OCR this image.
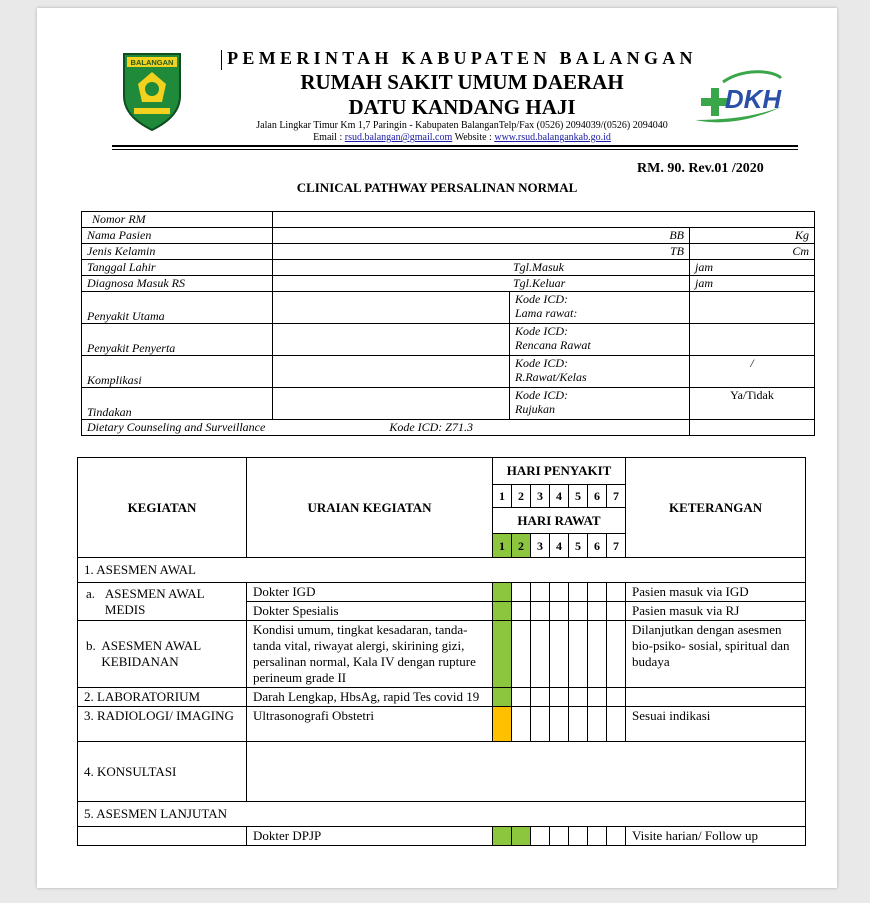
BALANGAN	PEMERINTAH KABUPATEN BALANGAN
RUMAH SAKIT UMUM DAERAH
DATU KANDANG HAJI
Jalan Lingkar Timur Km 1,7 Paringin - Kabupaten BalanganTelp/Fax (0526) 2094039/(0526) 2094040
Email : rsud.balangan@gmail.com Website : www.rsud.balangankab.go.id
DKH
RM. 90. Rev.01 /2020
CLINICAL PATHWAY PERSALINAN NORMAL
Nomor RM			
Nama Pasien	BB		Kg
Jenis Kelamin	TB		Cm
Tanggal Lahir	Tgl.Masuk		jam
Diagnosa Masuk RS	Tgl.Keluar		jam
Penyakit Utama		Kode ICD:
Lama rawat:	
Penyakit Penyerta		Kode ICD:
Rencana Rawat	
Komplikasi		Kode ICD:
R.Rawat/Kelas	/
Tindakan		Kode ICD:
Rujukan	Ya/Tidak
Dietary Counseling and Surveillance Kode ICD: Z71.3			
KEGIATAN	URAIAN KEGIATAN	HARI PENYAKIT							KETERANGAN
		1	2	3	4	5	6	7	
		HARI RAWAT							
		1	2	3	4	5	6	7	
1. ASESMEN AWAL									

a. ASESMEN AWAL MEDIS	Dokter IGD								Pasien masuk via IGD
	Dokter Spesialis								Pasien masuk via RJ

b. ASESMEN AWAL KEBIDANAN	Kondisi umum, tingkat kesadaran, tanda-tanda vital, riwayat alergi, skirining gizi, persalinan normal, Kala IV dengan rupture perineum grade II								Dilanjutkan dengan asesmen bio-psiko- sosial, spiritual dan budaya
2. LABORATORIUM	Darah Lengkap, HbsAg, rapid Tes covid 19								
3. RADIOLOGI/ IMAGING	Ultrasonografi Obstetri								Sesuai indikasi
4. KONSULTASI									
5. ASESMEN LANJUTAN									
	Dokter DPJP								Visite harian/ Follow up
